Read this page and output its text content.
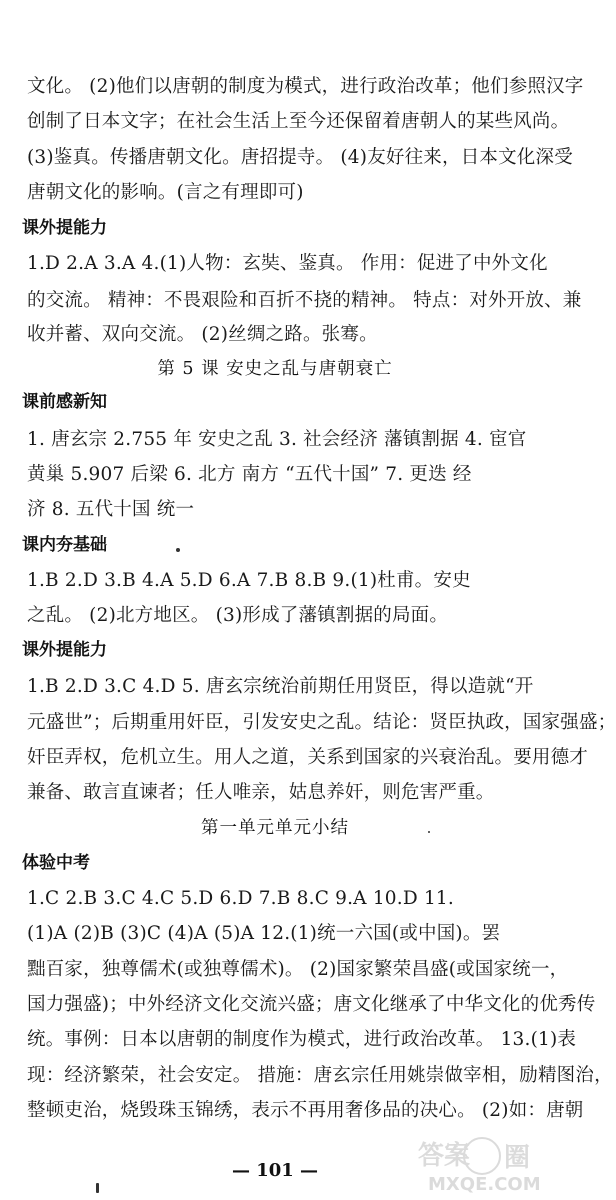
文化。 (2)他们以唐朝的制度为模式，进行政治改革；他们参照汉字
创制了日本文字；在社会生活上至今还保留着唐朝人的某些风尚。
(3)鉴真。传播唐朝文化。唐招提寺。 (4)友好往来，日本文化深受
唐朝文化的影响。(言之有理即可)
课外提能力
1.D 2.A 3.A 4.(1)人物：玄奘、鉴真。 作用：促进了中外文化
的交流。 精神：不畏艰险和百折不挠的精神。 特点：对外开放、兼
收并蓄、双向交流。 (2)丝绸之路。张骞。
第 5 课 安史之乱与唐朝衰亡
课前感新知
1. 唐玄宗 2.755 年 安史之乱 3. 社会经济 藩镇割据 4. 宦官
黄巢 5.907 后梁 6. 北方 南方 “五代十国” 7. 更迭 经
济 8. 五代十国 统一
课内夯基础
1.B 2.D 3.B 4.A 5.D 6.A 7.B 8.B 9.(1)杜甫。安史
之乱。 (2)北方地区。 (3)形成了藩镇割据的局面。
课外提能力
1.B 2.D 3.C 4.D 5. 唐玄宗统治前期任用贤臣，得以造就“开
元盛世”；后期重用奸臣，引发安史之乱。结论：贤臣执政，国家强盛；
奸臣弄权，危机立生。用人之道，关系到国家的兴衰治乱。要用德才
兼备、敢言直谏者；任人唯亲，姑息养奸，则危害严重。
第一单元单元小结
体验中考
1.C 2.B 3.C 4.C 5.D 6.D 7.B 8.C 9.A 10.D 11.
(1)A (2)B (3)C (4)A (5)A 12.(1)统一六国(或中国)。罢
黜百家，独尊儒术(或独尊儒术)。 (2)国家繁荣昌盛(或国家统一，
国力强盛)；中外经济文化交流兴盛；唐文化继承了中华文化的优秀传
统。事例：日本以唐朝的制度作为模式，进行政治改革。 13.(1)表
现：经济繁荣，社会安定。 措施：唐玄宗任用姚崇做宰相，励精图治，
整顿吏治，烧毁珠玉锦绣，表示不再用奢侈品的决心。 (2)如：唐朝
— 101 —	答案 圈
MXQE.COM
